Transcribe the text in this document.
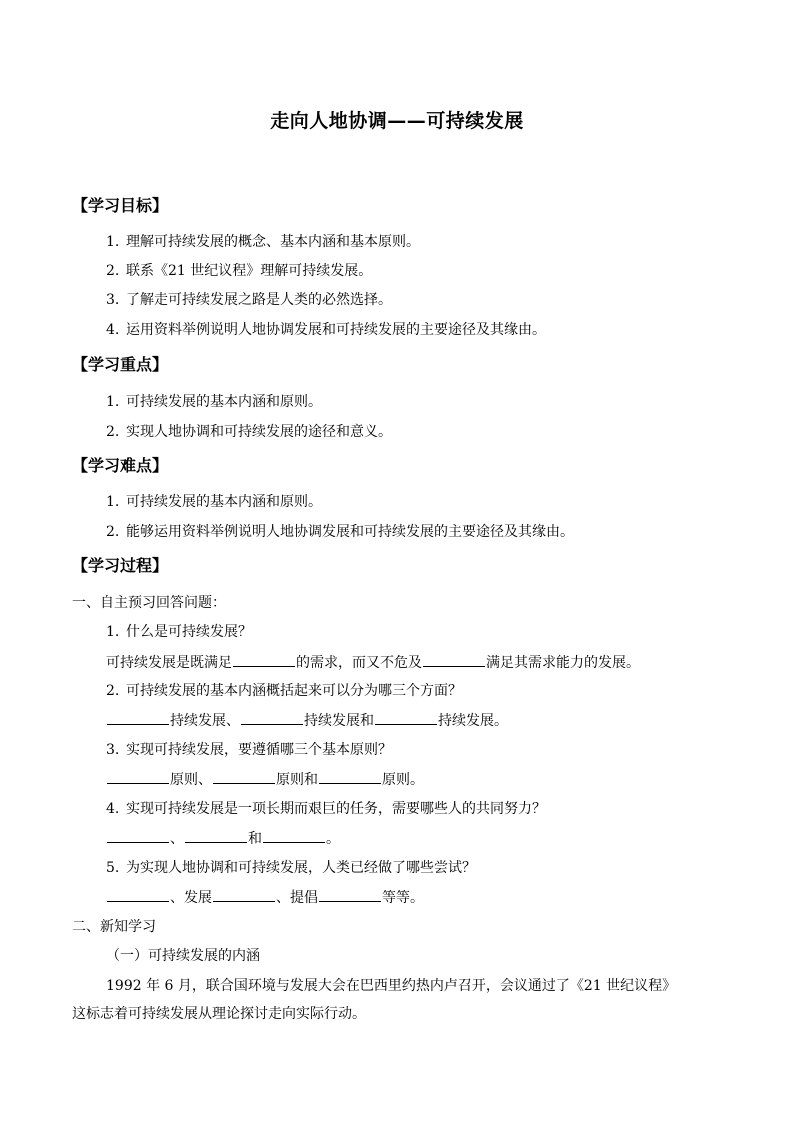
走向人地协调——可持续发展
【学习目标】
1. 理解可持续发展的概念、基本内涵和基本原则。
2. 联系《21 世纪议程》理解可持续发展。
3. 了解走可持续发展之路是人类的必然选择。
4. 运用资料举例说明人地协调发展和可持续发展的主要途径及其缘由。
【学习重点】
1. 可持续发展的基本内涵和原则。
2. 实现人地协调和可持续发展的途径和意义。
【学习难点】
1. 可持续发展的基本内涵和原则。
2. 能够运用资料举例说明人地协调发展和可持续发展的主要途径及其缘由。
【学习过程】
一、自主预习回答问题：
1. 什么是可持续发展？
可持续发展是既满足	的需求，而又不危及	满足其需求能力的发展。
2. 可持续发展的基本内涵概括起来可以分为哪三个方面？
持续发展、	持续发展和	持续发展。
3. 实现可持续发展，要遵循哪三个基本原则？
原则、	原则和	原则。
4. 实现可持续发展是一项长期而艰巨的任务，需要哪些人的共同努力？
、	和	。
5. 为实现人地协调和可持续发展，人类已经做了哪些尝试？
、发展	、提倡	等等。
二、新知学习
（一）可持续发展的内涵
1992 年 6 月，联合国环境与发展大会在巴西里约热内卢召开，会议通过了《21 世纪议程》
这标志着可持续发展从理论探讨走向实际行动。
